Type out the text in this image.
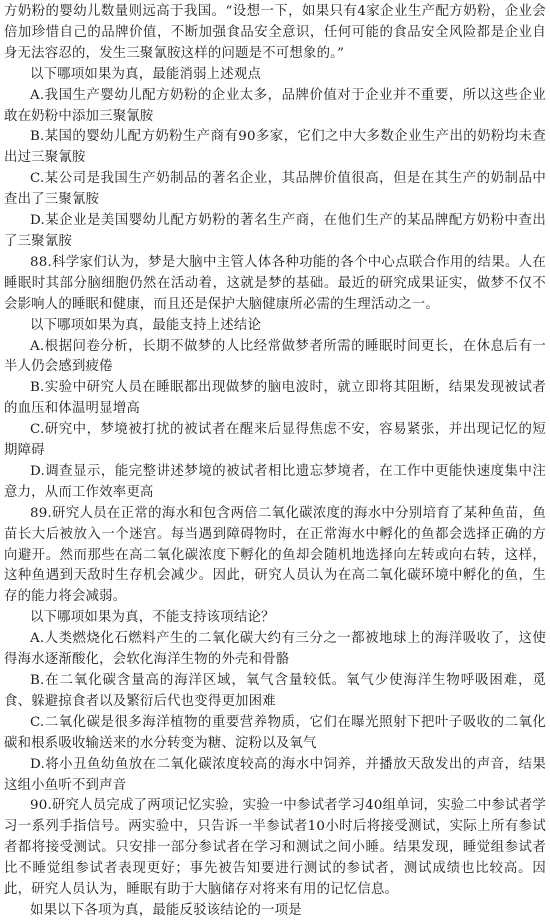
方奶粉的婴幼儿数量则远高于我国。“设想一下，如果只有4家企业生产配方奶粉，企业会倍加珍惜自己的品牌价值，不断加强食品安全意识，任何可能的食品安全风险都是企业自身无法容忍的，发生三聚氰胺这样的问题是不可想象的。”

以下哪项如果为真，最能消弱上述观点

A.我国生产婴幼儿配方奶粉的企业太多，品牌价值对于企业并不重要，所以这些企业敢在奶粉中添加三聚氰胺

B.某国的婴幼儿配方奶粉生产商有90多家，它们之中大多数企业生产出的奶粉均未查出过三聚氰胺

C.某公司是我国生产奶制品的著名企业，其品牌价值很高，但是在其生产的奶制品中查出了三聚氰胺

D.某企业是美国婴幼儿配方奶粉的著名生产商，在他们生产的某品牌配方奶粉中查出了三聚氰胺

88.科学家们认为，梦是大脑中主管人体各种功能的各个中心点联合作用的结果。人在睡眠时其部分脑细胞仍然在活动着，这就是梦的基础。最近的研究成果证实，做梦不仅不会影响人的睡眠和健康，而且还是保护大脑健康所必需的生理活动之一。

以下哪项如果为真，最能支持上述结论

A.根据问卷分析，长期不做梦的人比经常做梦者所需的睡眠时间更长，在休息后有一半人仍会感到疲倦

B.实验中研究人员在睡眠都出现做梦的脑电波时，就立即将其阻断，结果发现被试者的血压和体温明显增高

C.研究中，梦境被打扰的被试者在醒来后显得焦虑不安，容易紧张，并出现记忆的短期障碍

D.调查显示，能完整讲述梦境的被试者相比遗忘梦境者，在工作中更能快速度集中注意力，从而工作效率更高

89.研究人员在正常的海水和包含两倍二氧化碳浓度的海水中分别培育了某种鱼苗，鱼苗长大后被放入一个迷宫。每当遇到障碍物时，在正常海水中孵化的鱼都会选择正确的方向避开。然而那些在高二氧化碳浓度下孵化的鱼却会随机地选择向左转或向右转，这样，这种鱼遇到天敌时生存机会减少。因此，研究人员认为在高二氧化碳环境中孵化的鱼，生存的能力将会减弱。

以下哪项如果为真，不能支持该项结论？

A.人类燃烧化石燃料产生的二氧化碳大约有三分之一都被地球上的海洋吸收了，这使得海水逐渐酸化，会软化海洋生物的外壳和骨骼

B.在二氧化碳含量高的海洋区域，氧气含量较低。氧气少使海洋生物呼吸困难，觅食、躲避掠食者以及繁衍后代也变得更加困难

C.二氧化碳是很多海洋植物的重要营养物质，它们在曝光照射下把叶子吸收的二氧化碳和根系吸收输送来的水分转变为糖、淀粉以及氧气

D.将小丑鱼幼鱼放在二氧化碳浓度较高的海水中饲养，并播放天敌发出的声音，结果这组小鱼听不到声音

90.研究人员完成了两项记忆实验，实验一中参试者学习40组单词，实验二中参试者学习一系列手指信号。两实验中，只告诉一半参试者10小时后将接受测试，实际上所有参试者都将接受测试。只安排一部分参试者在学习和测试之间小睡。结果发现，睡觉组参试者比不睡觉组参试者表现更好；事先被告知要进行测试的参试者，测试成绩也比较高。因此，研究人员认为，睡眠有助于大脑储存对将来有用的记忆信息。

如果以下各项为真，最能反驳该结论的一项是
